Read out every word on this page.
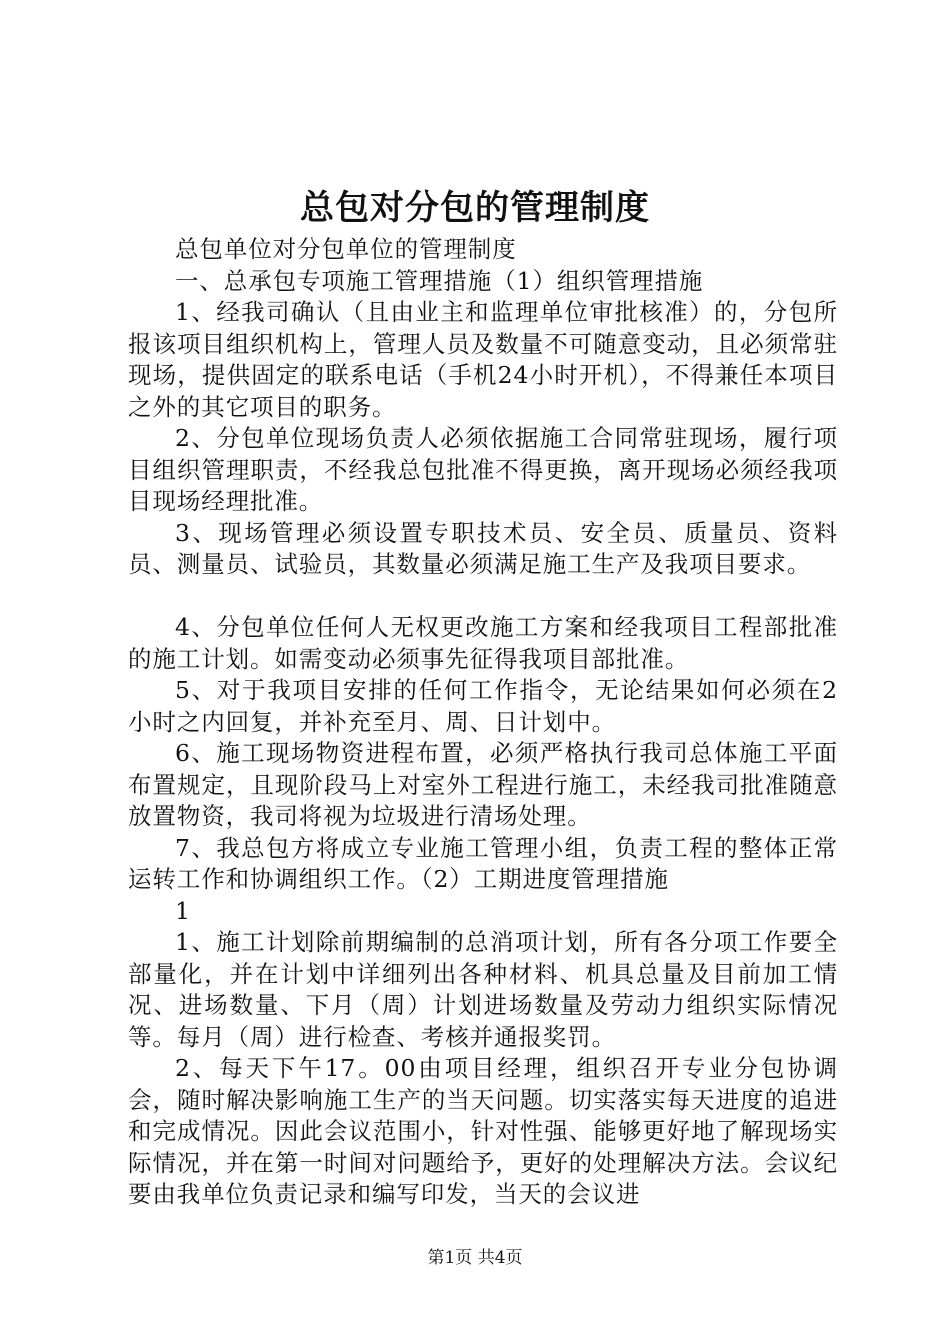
总包对分包的管理制度

总包单位对分包单位的管理制度

一、总承包专项施工管理措施（1）组织管理措施

1、经我司确认（且由业主和监理单位审批核准）的，分包所报该项目组织机构上，管理人员及数量不可随意变动，且必须常驻现场，提供固定的联系电话（手机24小时开机），不得兼任本项目之外的其它项目的职务。

2、分包单位现场负责人必须依据施工合同常驻现场，履行项目组织管理职责，不经我总包批准不得更换，离开现场必须经我项目现场经理批准。

3、现场管理必须设置专职技术员、安全员、质量员、资料员、测量员、试验员，其数量必须满足施工生产及我项目要求。

4、分包单位任何人无权更改施工方案和经我项目工程部批准的施工计划。如需变动必须事先征得我项目部批准。

5、对于我项目安排的任何工作指令，无论结果如何必须在2小时之内回复，并补充至月、周、日计划中。

6、施工现场物资进程布置，必须严格执行我司总体施工平面布置规定，且现阶段马上对室外工程进行施工，未经我司批准随意放置物资，我司将视为垃圾进行清场处理。

7、我总包方将成立专业施工管理小组，负责工程的整体正常运转工作和协调组织工作。（2）工期进度管理措施

1

1、施工计划除前期编制的总消项计划，所有各分项工作要全部量化，并在计划中详细列出各种材料、机具总量及目前加工情况、进场数量、下月（周）计划进场数量及劳动力组织实际情况等。每月（周）进行检查、考核并通报奖罚。

2、每天下午17。00由项目经理，组织召开专业分包协调会，随时解决影响施工生产的当天问题。切实落实每天进度的追进和完成情况。因此会议范围小，针对性强、能够更好地了解现场实际情况，并在第一时间对问题给予，更好的处理解决方法。会议纪要由我单位负责记录和编写印发，当天的会议进

第1页 共4页
